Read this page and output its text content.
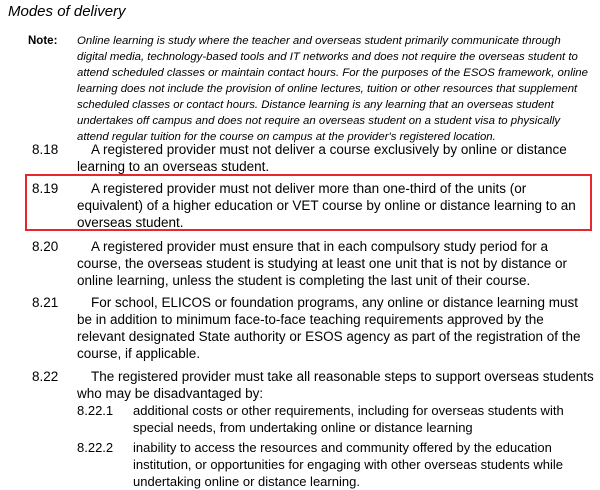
Modes of delivery
Note: Online learning is study where the teacher and overseas student primarily communicate through digital media, technology-based tools and IT networks and does not require the overseas student to attend scheduled classes or maintain contact hours. For the purposes of the ESOS framework, online learning does not include the provision of online lectures, tuition or other resources that supplement scheduled classes or contact hours. Distance learning is any learning that an overseas student undertakes off campus and does not require an overseas student on a student visa to physically attend regular tuition for the course on campus at the provider's registered location.
8.18	A registered provider must not deliver a course exclusively by online or distance learning to an overseas student.
8.19	A registered provider must not deliver more than one-third of the units (or equivalent) of a higher education or VET course by online or distance learning to an overseas student.
8.20	A registered provider must ensure that in each compulsory study period for a course, the overseas student is studying at least one unit that is not by distance or online learning, unless the student is completing the last unit of their course.
8.21	For school, ELICOS or foundation programs, any online or distance learning must be in addition to minimum face-to-face teaching requirements approved by the relevant designated State authority or ESOS agency as part of the registration of the course, if applicable.
8.22	The registered provider must take all reasonable steps to support overseas students who may be disadvantaged by:
8.22.1 additional costs or other requirements, including for overseas students with special needs, from undertaking online or distance learning
8.22.2 inability to access the resources and community offered by the education institution, or opportunities for engaging with other overseas students while undertaking online or distance learning.
